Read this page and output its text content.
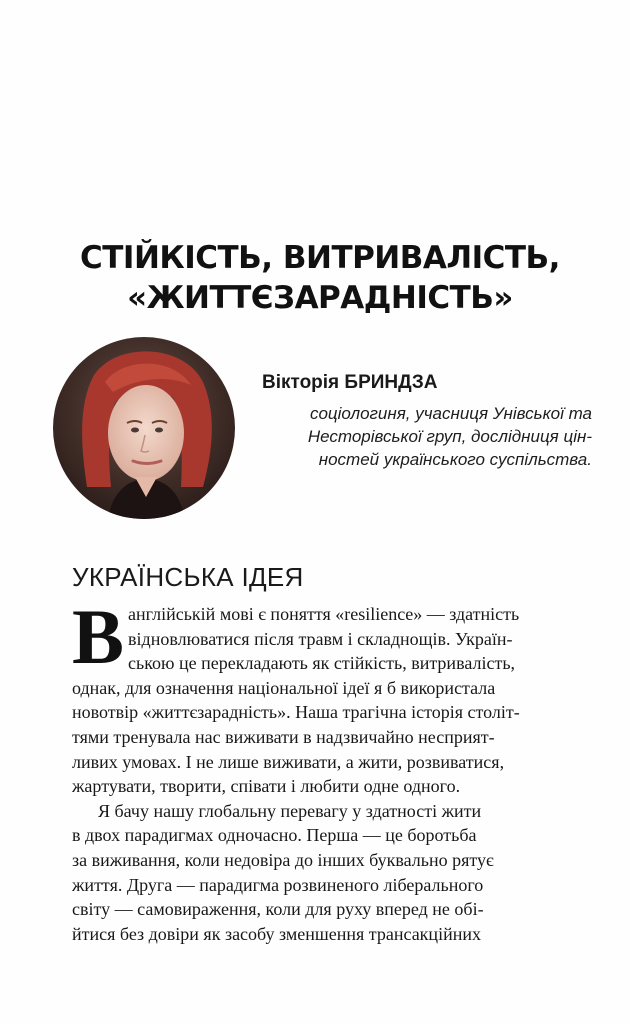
СТІЙКІСТЬ, ВИТРИВАЛІСТЬ,
«ЖИТТЄЗАРАДНІСТЬ»
Вікторія БРИНДЗА
соціологиня, учасниця Унівської та
Несторівської груп, дослідниця цін-
ностей українського суспільства.
УКРАЇНСЬКА ІДЕЯ
В англійській мові є поняття «resilience» — здатність
відновлюватися після травм і складнощів. Україн-
ською це перекладають як стійкість, витривалість,
однак, для означення національної ідеї я б використала
новотвір «життєзарадність». Наша трагічна історія століт-
тями тренувала нас виживати в надзвичайно несприят-
ливих умовах. І не лише виживати, а жити, розвиватися,
жартувати, творити, співати і любити одне одного.
Я бачу нашу глобальну перевагу у здатності жити
в двох парадигмах одночасно. Перша — це боротьба
за виживання, коли недовіра до інших буквально рятує
життя. Друга — парадигма розвиненого ліберального
світу — самовираження, коли для руху вперед не обі-
йтися без довіри як засобу зменшення трансакційних
